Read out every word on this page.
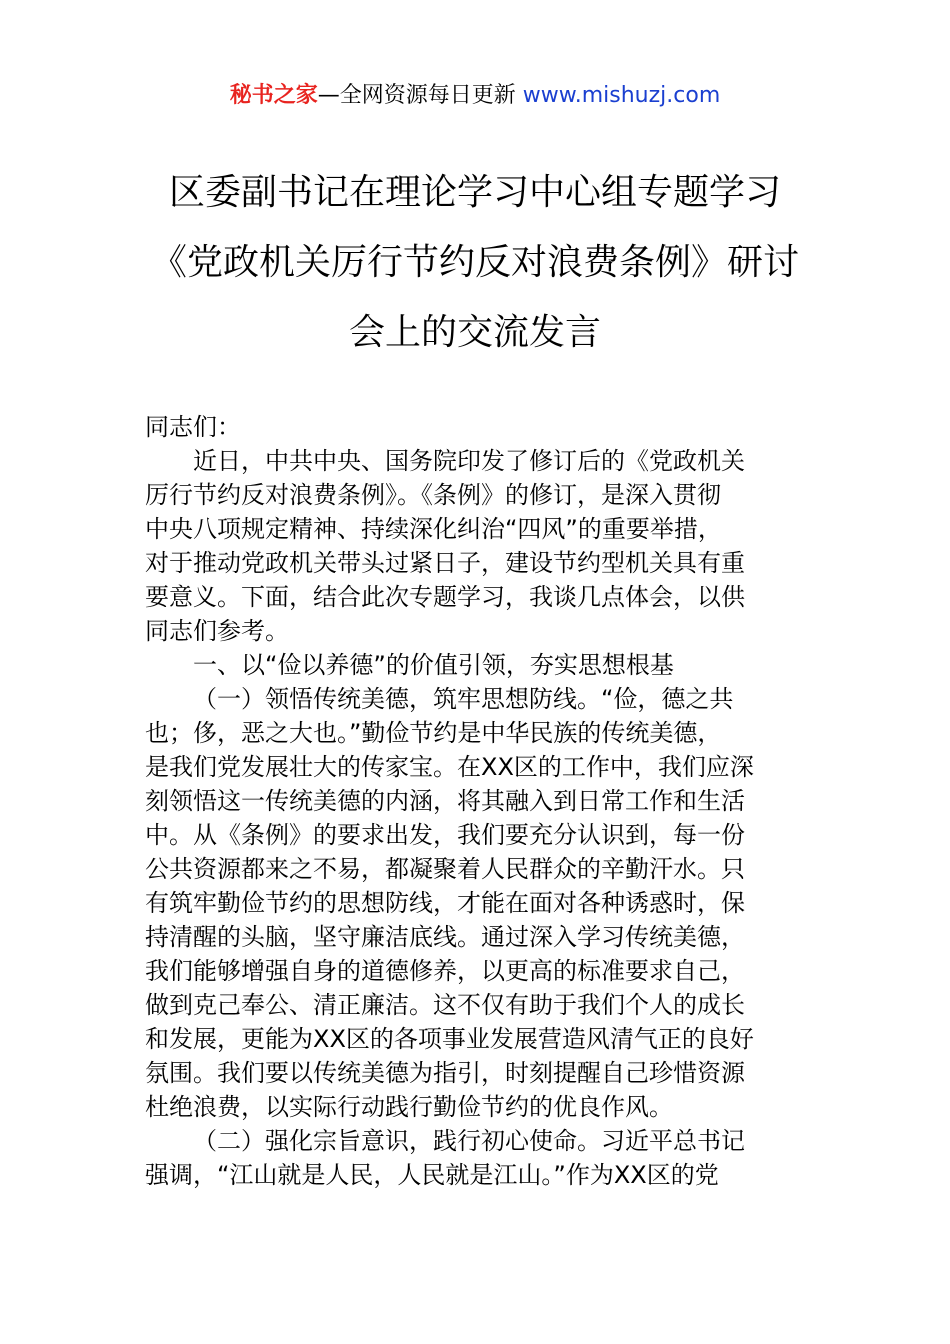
秘书之家—全网资源每日更新 www.mishuzj.com
区委副书记在理论学习中心组专题学习
《党政机关厉行节约反对浪费条例》研讨
会上的交流发言
同志们：
近日，中共中央、国务院印发了修订后的《党政机关
厉行节约反对浪费条例》。《条例》的修订，是深入贯彻
中央八项规定精神、持续深化纠治“四风”的重要举措，
对于推动党政机关带头过紧日子，建设节约型机关具有重
要意义。下面，结合此次专题学习，我谈几点体会，以供
同志们参考。
一、以“俭以养德”的价值引领，夯实思想根基
（一）领悟传统美德，筑牢思想防线。“俭，德之共
也；侈，恶之大也。”勤俭节约是中华民族的传统美德，
是我们党发展壮大的传家宝。在XX区的工作中，我们应深
刻领悟这一传统美德的内涵，将其融入到日常工作和生活
中。从《条例》的要求出发，我们要充分认识到，每一份
公共资源都来之不易，都凝聚着人民群众的辛勤汗水。只
有筑牢勤俭节约的思想防线，才能在面对各种诱惑时，保
持清醒的头脑，坚守廉洁底线。通过深入学习传统美德，
我们能够增强自身的道德修养，以更高的标准要求自己，
做到克己奉公、清正廉洁。这不仅有助于我们个人的成长
和发展，更能为XX区的各项事业发展营造风清气正的良好
氛围。我们要以传统美德为指引，时刻提醒自己珍惜资源
杜绝浪费，以实际行动践行勤俭节约的优良作风。
（二）强化宗旨意识，践行初心使命。习近平总书记
强调，“江山就是人民，人民就是江山。”作为XX区的党
